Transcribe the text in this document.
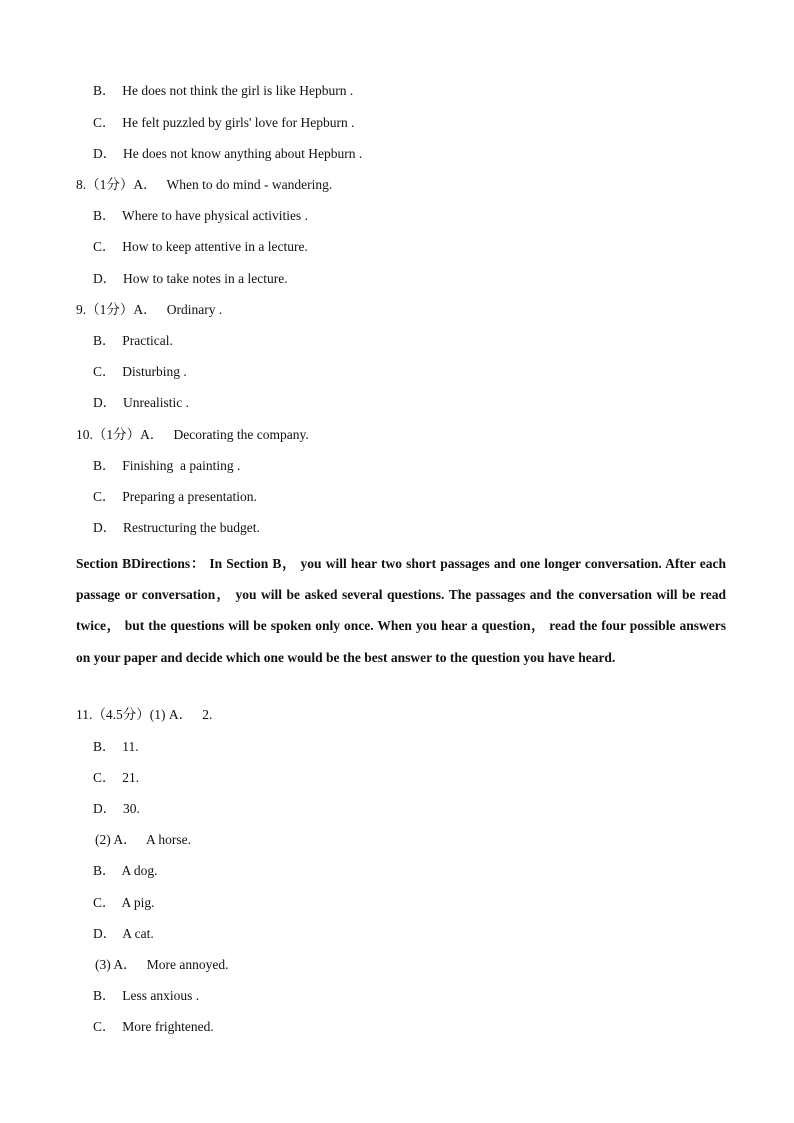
B．  He does not think the girl is like Hepburn .
C．  He felt puzzled by girls' love for Hepburn .
D．  He does not know anything about Hepburn .
8.（1分）A．   When to do mind - wandering.
B．  Where to have physical activities .
C．  How to keep attentive in a lecture.
D．  How to take notes in a lecture.
9.（1分）A．   Ordinary .
B．  Practical.
C．  Disturbing .
D．  Unrealistic .
10.（1分）A．   Decorating the company.
B．  Finishing  a painting .
C．  Preparing a presentation.
D．  Restructuring the budget.
Section BDirections： In Section B， you will hear two short passages and one longer conversation. After each passage or conversation， you will be asked several questions. The passages and the conversation will be read twice， but the questions will be spoken only once. When you hear a question， read the four possible answers on your paper and decide which one would be the best answer to the question you have heard.
11.（4.5分）(1) A．   2.
B．  11.
C．  21.
D．  30.
(2) A．   A horse.
B．  A dog.
C．  A pig.
D．  A cat.
(3) A．   More annoyed.
B．  Less anxious .
C．  More frightened.
